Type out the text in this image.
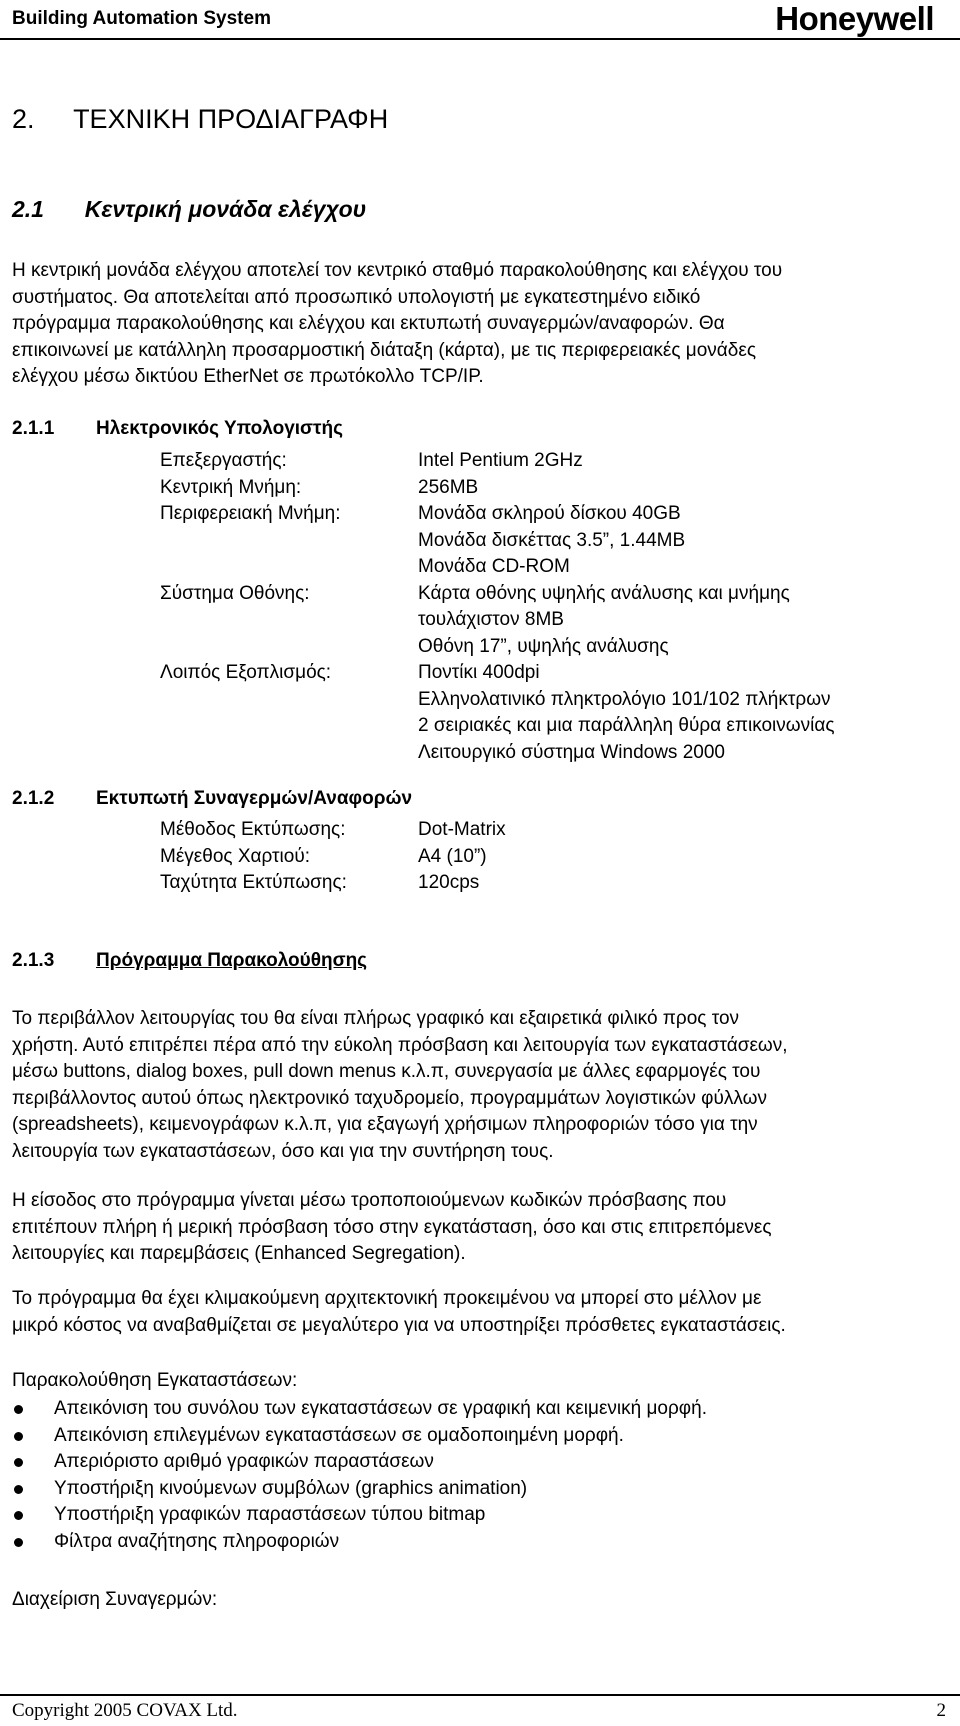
Building Automation System	Honeywell
2. ΤΕΧΝΙΚΗ ΠΡΟΔΙΑΓΡΑΦΗ
2.1 Κεντρική μονάδα ελέγχου
Η κεντρική μονάδα ελέγχου αποτελεί τον κεντρικό σταθμό παρακολούθησης και ελέγχου του
συστήματος. Θα αποτελείται από προσωπικό υπολογιστή με εγκατεστημένο ειδικό
πρόγραμμα παρακολούθησης και ελέγχου και εκτυπωτή συναγερμών/αναφορών. Θα
επικοινωνεί με κατάλληλη προσαρμοστική διάταξη (κάρτα), με τις περιφερειακές μονάδες
ελέγχου μέσω δικτύου EtherNet σε πρωτόκολλο TCP/IP.
2.1.1 Ηλεκτρονικός Υπολογιστής
Επεξεργαστής:	Intel Pentium 2GHz
Κεντρική Μνήμη:	256MB
Περιφερειακή Μνήμη:	Μονάδα σκληρού δίσκου 40GB
Μονάδα δισκέττας 3.5”, 1.44MB
Μονάδα CD-ROM
Σύστημα Οθόνης:	Κάρτα οθόνης υψηλής ανάλυσης και μνήμης
τουλάχιστον 8MB
Οθόνη 17”, υψηλής ανάλυσης
Λοιπός Εξοπλισμός:	Ποντίκι 400dpi
Ελληνολατινικό πληκτρολόγιο 101/102 πλήκτρων
2 σειριακές και μια παράλληλη θύρα επικοινωνίας
Λειτουργικό σύστημα Windows 2000
2.1.2 Εκτυπωτή Συναγερμών/Αναφορών
Μέθοδος Εκτύπωσης:	Dot-Matrix
Μέγεθος Χαρτιού:	A4 (10”)
Ταχύτητα Εκτύπωσης:	120cps
2.1.3 Πρόγραμμα Παρακολούθησης
Το περιβάλλον λειτουργίας του θα είναι πλήρως γραφικό και εξαιρετικά φιλικό προς τον
χρήστη. Αυτό επιτρέπει πέρα από την εύκολη πρόσβαση και λειτουργία των εγκαταστάσεων,
μέσω buttons, dialog boxes, pull down menus κ.λ.π, συνεργασία με άλλες εφαρμογές του
περιβάλλοντος αυτού όπως ηλεκτρονικό ταχυδρομείο, προγραμμάτων λογιστικών φύλλων
(spreadsheets), κειμενογράφων κ.λ.π, για εξαγωγή χρήσιμων πληροφοριών τόσο για την
λειτουργία των εγκαταστάσεων, όσο και για την συντήρηση τους.
Η είσοδος στο πρόγραμμα γίνεται μέσω τροποποιούμενων κωδικών πρόσβασης που
επιτέπουν πλήρη ή μερική πρόσβαση τόσο στην εγκατάσταση, όσο και στις επιτρεπόμενες
λειτουργίες και παρεμβάσεις (Enhanced Segregation).
Το πρόγραμμα θα έχει κλιμακούμενη αρχιτεκτονική προκειμένου να μπορεί στο μέλλον με
μικρό κόστος να αναβαθμίζεται σε μεγαλύτερο για να υποστηρίξει πρόσθετες εγκαταστάσεις.
Παρακολούθηση Εγκαταστάσεων:
Απεικόνιση του συνόλου των εγκαταστάσεων σε γραφική και κειμενική μορφή.
Απεικόνιση επιλεγμένων εγκαταστάσεων σε ομαδοποιημένη μορφή.
Απεριόριστο αριθμό γραφικών παραστάσεων
Υποστήριξη κινούμενων συμβόλων (graphics animation)
Υποστήριξη γραφικών παραστάσεων τύπου bitmap
Φίλτρα αναζήτησης πληροφοριών
Διαχείριση Συναγερμών:
Copyright 2005 COVAX Ltd.	2
